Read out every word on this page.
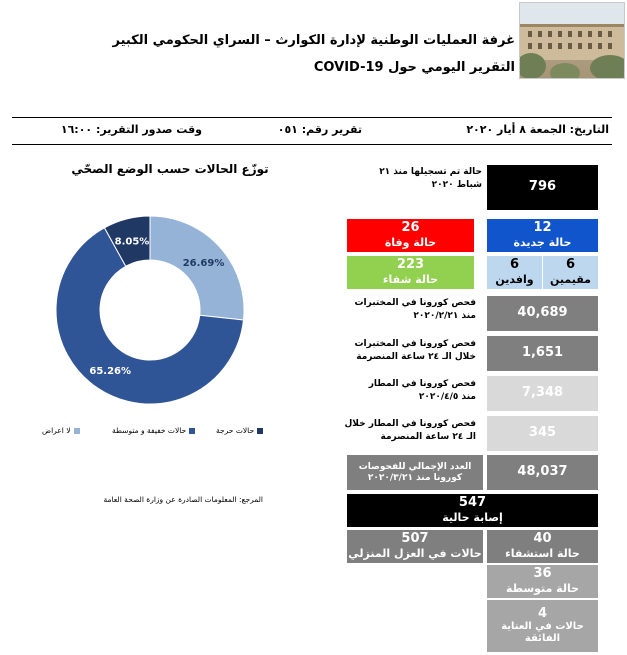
غرفة العمليات الوطنية لإدارة الكوارث – السراي الحكومي الكبير
التقرير اليومي حول COVID-19
التاريخ: الجمعة ٨ أيار ٢٠٢٠
تقرير رقم: ٠٥١
وقت صدور التقرير: ١٦:٠٠
توزّع الحالات حسب الوضع الصحّي
26.69%
65.26%
8.05%
لا اعراض	حالات خفيفة و متوسطة	حالات حرجة
المرجع: المعلومات الصادرة عن وزارة الصحة العامة
حالة تم تسجيلها منذ ٢١ شباط ٢٠٢٠	796
12
حالة جديدة
26
حالة وفاة
6
مقيمين
6
وافدين
223
حالة شفاء
فحص كورونا في المختبرات منذ ٢٠٢٠/٢/٢١	40,689
فحص كورونا في المختبرات خلال الـ ٢٤ ساعة المنصرمة	1,651
فحص كورونا في المطار منذ ٢٠٢٠/٤/٥	7,348
فحص كورونا في المطار خلال الـ ٢٤ ساعة المنصرمة	345
العدد الإجمالي للفحوصات كورونا منذ ٢٠٢٠/٣/٢١	48,037
547
إصابة حالية
507
حالات في العزل المنزلي
40
حالة استشفاء
36
حالة متوسطة
4
حالات في العناية الفائقة
